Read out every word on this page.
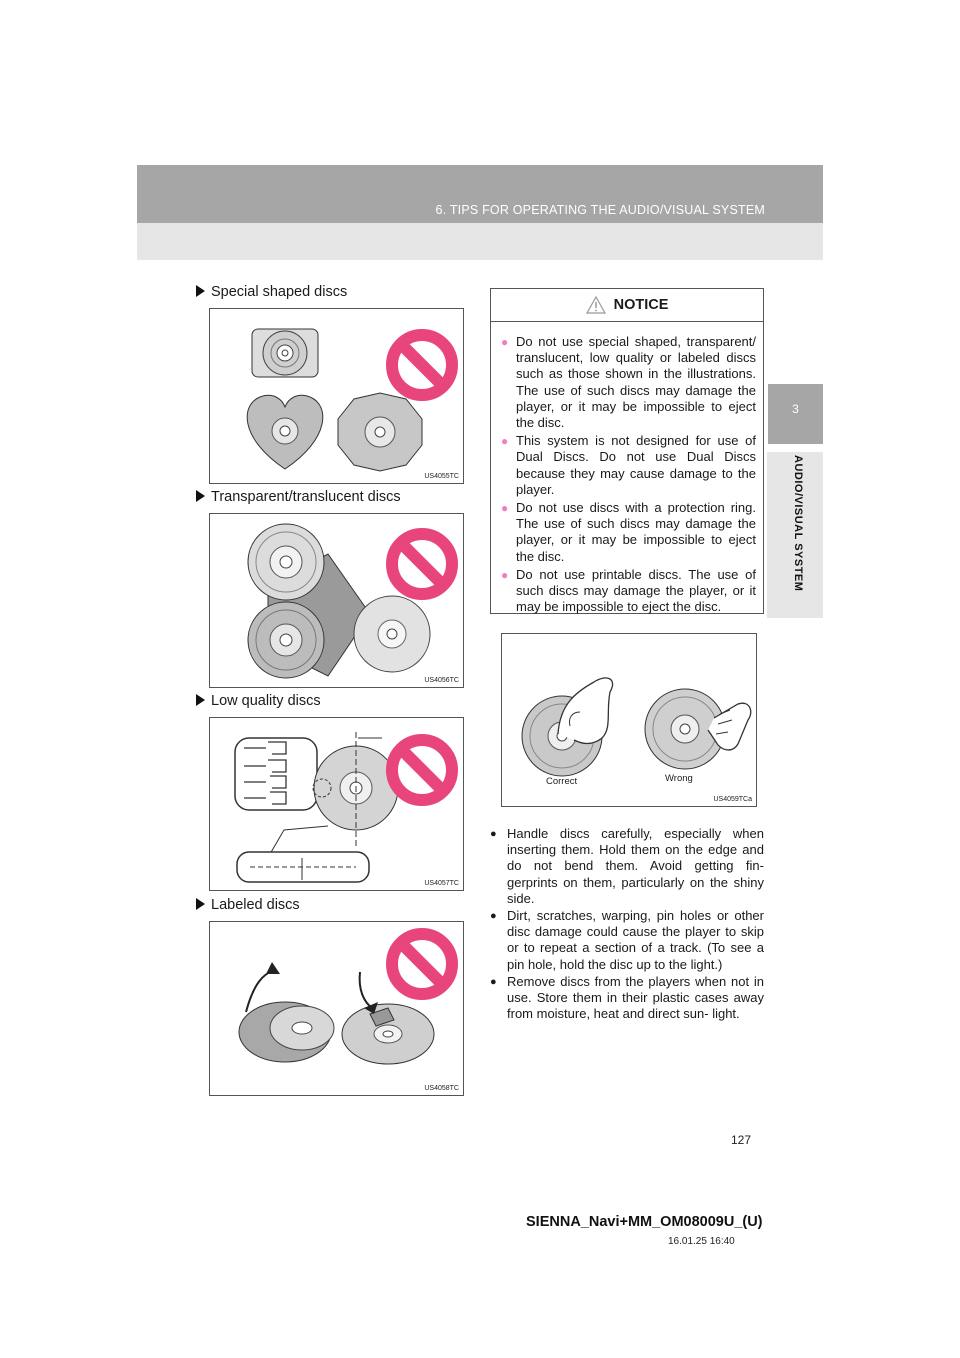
6. TIPS FOR OPERATING THE AUDIO/VISUAL SYSTEM
3
AUDIO/VISUAL SYSTEM
Special shaped discs
US4055TC
Transparent/translucent discs
US4056TC
Low quality discs
US4057TC
Labeled discs
US4058TC
NOTICE
● Do not use special shaped, transparent/ translucent, low quality or labeled discs such as those shown in the illustrations. The use of such discs may damage the player, or it may be impossible to eject the disc.
● This system is not designed for use of Dual Discs. Do not use Dual Discs because they may cause damage to the player.
● Do not use discs with a protection ring. The use of such discs may damage the player, or it may be impossible to eject the disc.
● Do not use printable discs. The use of such discs may damage the player, or it may be impossible to eject the disc.
Correct	Wrong
US4059TCa
● Handle discs carefully, especially when inserting them. Hold them on the edge and do not bend them. Avoid getting fin- gerprints on them, particularly on the shiny side.
● Dirt, scratches, warping, pin holes or other disc damage could cause the player to skip or to repeat a section of a track. (To see a pin hole, hold the disc up to the light.)
● Remove discs from the players when not in use. Store them in their plastic cases away from moisture, heat and direct sun- light.
127
SIENNA_Navi+MM_OM08009U_(U)
16.01.25 16:40
